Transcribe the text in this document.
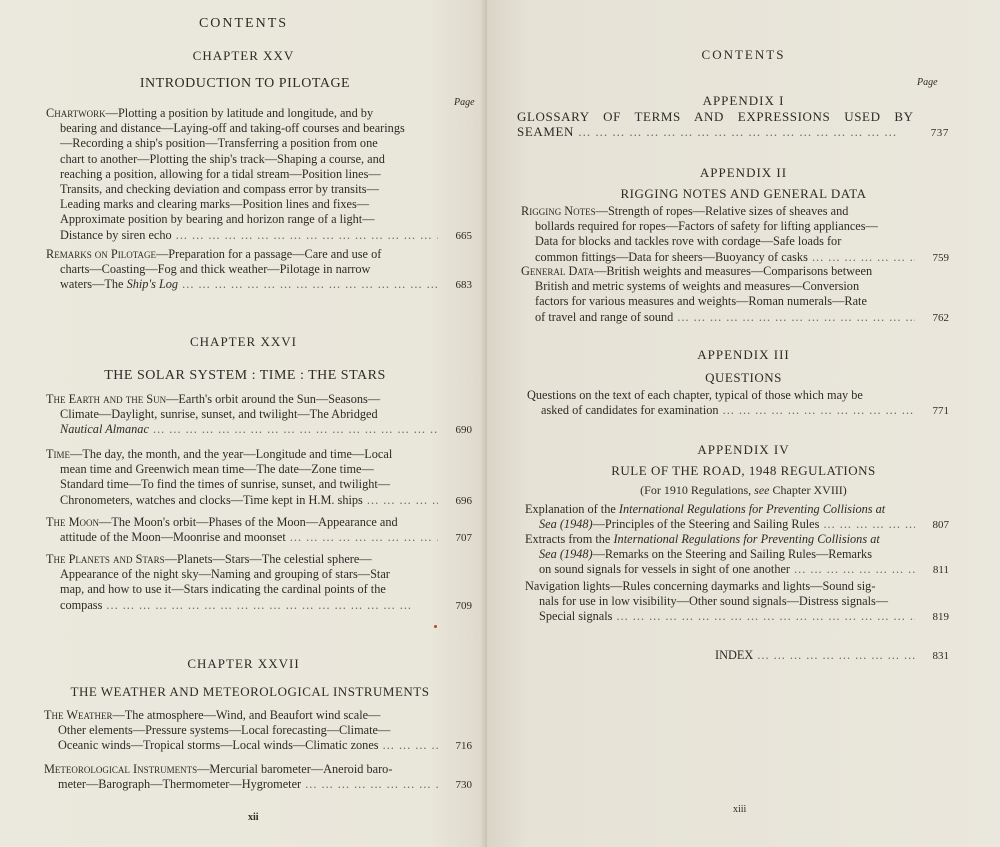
CONTENTS
CHAPTER XXV
INTRODUCTION TO PILOTAGE
Page
Chartwork—Plotting a position by latitude and longitude, and by
bearing and distance—Laying-off and taking-off courses and bearings
—Recording a ship's position—Transferring a position from one
chart to another—Plotting the ship's track—Shaping a course, and
reaching a position, allowing for a tidal stream—Position lines—
Transits, and checking deviation and compass error by transits—
Leading marks and clearing marks—Position lines and fixes—
Approximate position by bearing and horizon range of a light—
Distance by siren echo ... .	665
Remarks on Pilotage—Preparation for a passage—Care and use of
charts—Coasting—Fog and thick weather—Pilotage in narrow
waters—The Ship's Log ... .	683
CHAPTER XXVI
THE SOLAR SYSTEM : TIME : THE STARS
The Earth and the Sun—Earth's orbit around the Sun—Seasons—
Climate—Daylight, sunrise, sunset, and twilight—The Abridged
Nautical Almanac ... .	690
Time—The day, the month, and the year—Longitude and time—Local
mean time and Greenwich mean time—The date—Zone time—
Standard time—To find the times of sunrise, sunset, and twilight—
Chronometers, watches and clocks—Time kept in H.M. ships ... .	696
The Moon—The Moon's orbit—Phases of the Moon—Appearance and
attitude of the Moon—Moonrise and moonset ... .	707
The Planets and Stars—Planets—Stars—The celestial sphere—
Appearance of the night sky—Naming and grouping of stars—Star
map, and how to use it—Stars indicating the cardinal points of the
compass ... .	709
CHAPTER XXVII
THE WEATHER AND METEOROLOGICAL INSTRUMENTS
The Weather—The atmosphere—Wind, and Beaufort wind scale—
Other elements—Pressure systems—Local forecasting—Climate—
Oceanic winds—Tropical storms—Local winds—Climatic zones ... .	716
Meteorological Instruments—Mercurial barometer—Aneroid baro-
meter—Barograph—Thermometer—Hygrometer ... .	730
xii
CONTENTS
Page
APPENDIX I
GLOSSARY OF TERMS AND EXPRESSIONS USED BY
SEAMEN ... .	737
APPENDIX II
RIGGING NOTES AND GENERAL DATA
Rigging Notes—Strength of ropes—Relative sizes of sheaves and
bollards required for ropes—Factors of safety for lifting appliances—
Data for blocks and tackles rove with cordage—Safe loads for
common fittings—Data for sheers—Buoyancy of casks ... .	759
General Data—British weights and measures—Comparisons between
British and metric systems of weights and measures—Conversion
factors for various measures and weights—Roman numerals—Rate
of travel and range of sound ... .	762
APPENDIX III
QUESTIONS
Questions on the text of each chapter, typical of those which may be
asked of candidates for examination ... .	771
APPENDIX IV
RULE OF THE ROAD, 1948 REGULATIONS
(For 1910 Regulations, see Chapter XVIII)
Explanation of the International Regulations for Preventing Collisions at
Sea (1948)—Principles of the Steering and Sailing Rules ... .	807
Extracts from the International Regulations for Preventing Collisions at
Sea (1948)—Remarks on the Steering and Sailing Rules—Remarks
on sound signals for vessels in sight of one another ... .	811
Navigation lights—Rules concerning daymarks and lights—Sound sig-
nals for use in low visibility—Other sound signals—Distress signals—
Special signals ... .	819
INDEX ... .	831
xiii
